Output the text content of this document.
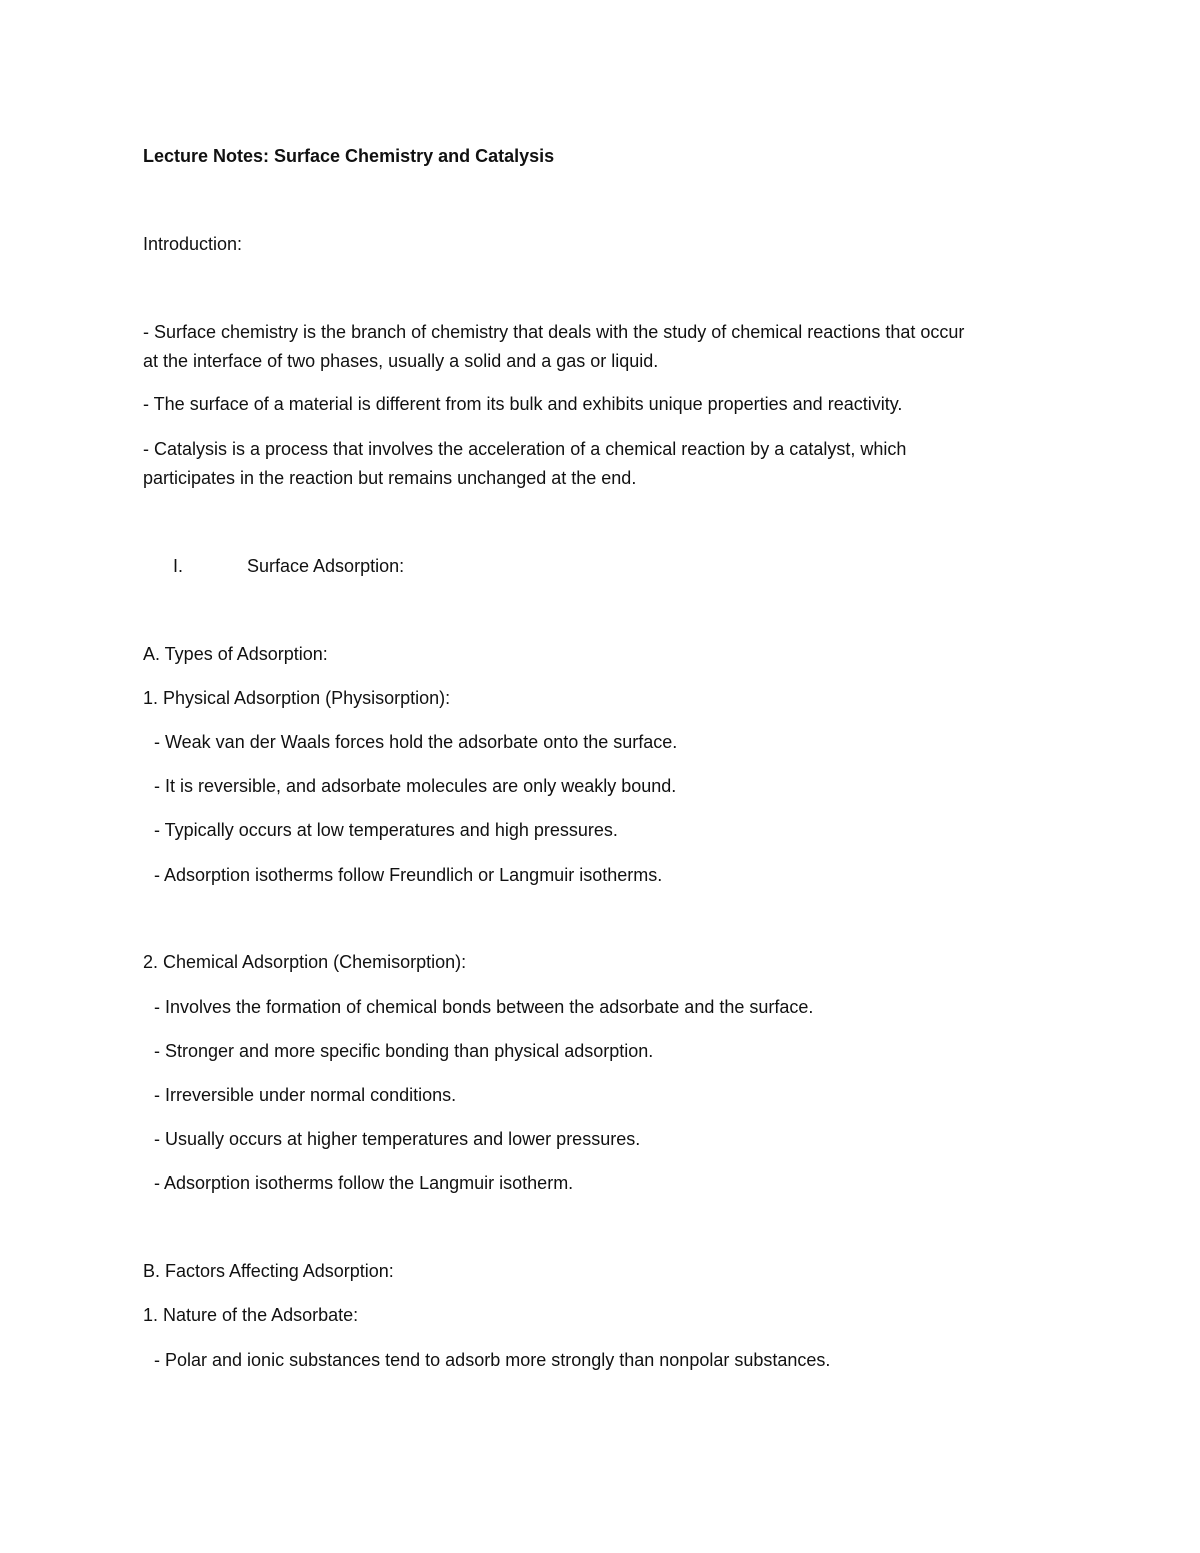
Lecture Notes: Surface Chemistry and Catalysis

Introduction:

- Surface chemistry is the branch of chemistry that deals with the study of chemical reactions that occur

at the interface of two phases, usually a solid and a gas or liquid.

- The surface of a material is different from its bulk and exhibits unique properties and reactivity.

- Catalysis is a process that involves the acceleration of a chemical reaction by a catalyst, which

participates in the reaction but remains unchanged at the end.

I.	Surface Adsorption:

A. Types of Adsorption:

1. Physical Adsorption (Physisorption):

- Weak van der Waals forces hold the adsorbate onto the surface.

- It is reversible, and adsorbate molecules are only weakly bound.

- Typically occurs at low temperatures and high pressures.

- Adsorption isotherms follow Freundlich or Langmuir isotherms.

2. Chemical Adsorption (Chemisorption):

- Involves the formation of chemical bonds between the adsorbate and the surface.

- Stronger and more specific bonding than physical adsorption.

- Irreversible under normal conditions.

- Usually occurs at higher temperatures and lower pressures.

- Adsorption isotherms follow the Langmuir isotherm.

B. Factors Affecting Adsorption:

1. Nature of the Adsorbate:

- Polar and ionic substances tend to adsorb more strongly than nonpolar substances.
